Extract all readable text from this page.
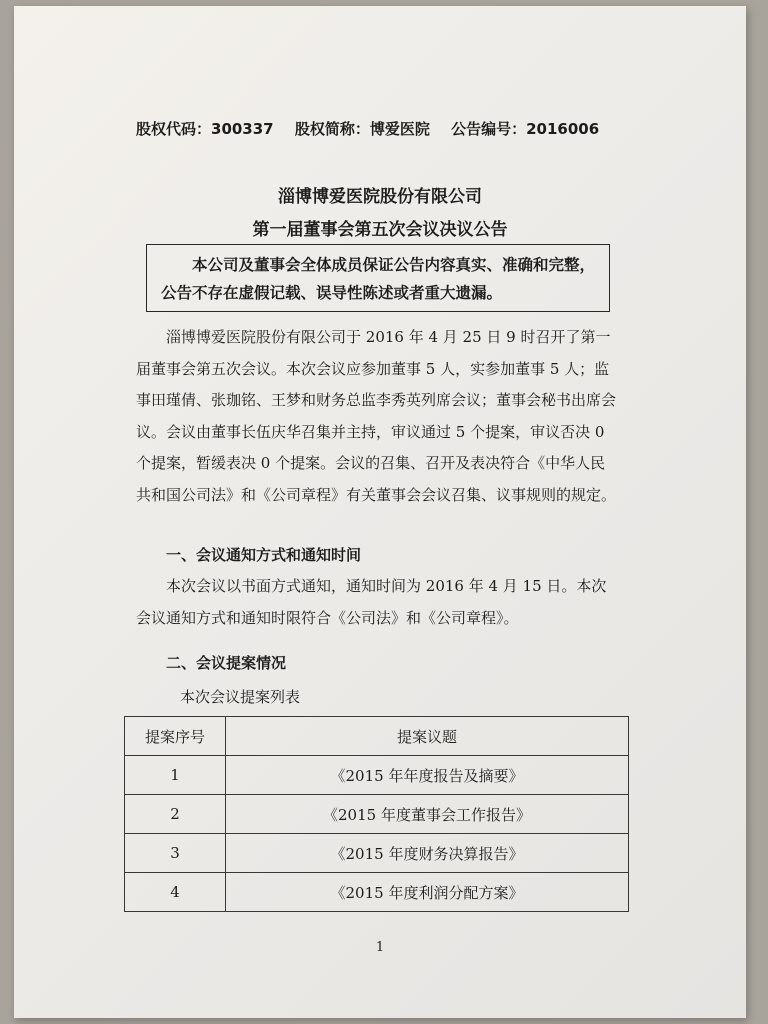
股权代码：300337 股权简称：博爱医院 公告编号：2016006
淄博博爱医院股份有限公司
第一届董事会第五次会议决议公告
本公司及董事会全体成员保证公告内容真实、准确和完整，公告不存在虚假记载、误导性陈述或者重大遗漏。
淄博博爱医院股份有限公司于 2016 年 4 月 25 日 9 时召开了第一届董事会第五次会议。本次会议应参加董事 5 人，实参加董事 5 人；监事田瑾倩、张珈铭、王梦和财务总监李秀英列席会议；董事会秘书出席会议。会议由董事长伍庆华召集并主持，审议通过 5 个提案，审议否决 0 个提案，暂缓表决 0 个提案。会议的召集、召开及表决符合《中华人民共和国公司法》和《公司章程》有关董事会会议召集、议事规则的规定。
一、会议通知方式和通知时间
本次会议以书面方式通知，通知时间为 2016 年 4 月 15 日。本次会议通知方式和通知时限符合《公司法》和《公司章程》。
二、会议提案情况
本次会议提案列表
提案序号	提案议题
1	《2015 年年度报告及摘要》
2	《2015 年度董事会工作报告》
3	《2015 年度财务决算报告》
4	《2015 年度利润分配方案》
1
